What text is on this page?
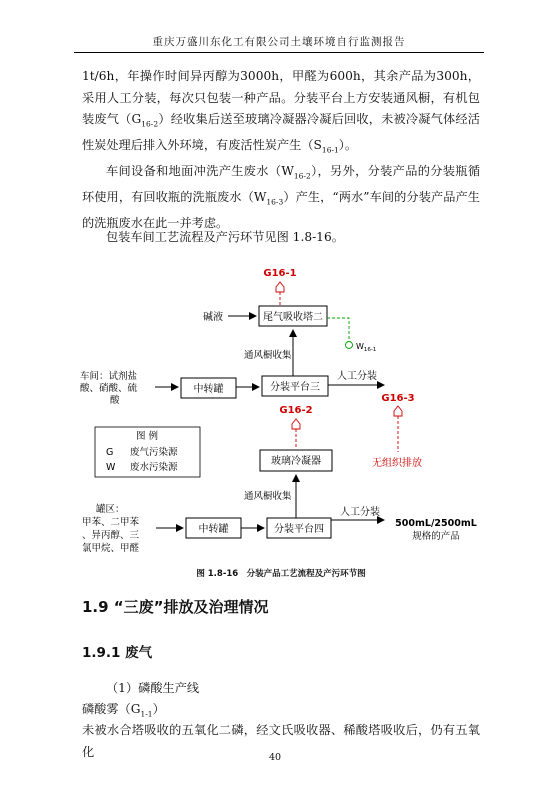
重庆万盛川东化工有限公司土壤环境自行监测报告

1t/6h，年操作时间异丙醇为3000h，甲醛为600h，其余产品为300h，采用人工分装，每次只包装一种产品。分装平台上方安装通风橱，有机包装废气$(G_{16-2})$经收集后送至玻璃冷凝器冷凝后回收，未被冷凝气体经活性炭处理后排入外环境，有废活性炭产生$(S_{16-1})$。

车间设备和地面冲洗产生废水$(W_{16-2})$，另外，分装产品的分装瓶循环使用，有回收瓶的洗瓶废水$(W_{16-3})$产生，“两水”车间的分装产品产生的洗瓶废水在此一并考虑。

包装车间工艺流程及产污环节见图 1.8-16。

G16-1
碱液	尾气吸收塔二
$W_{16-1}$
通风橱收集
车间：试剂盐
酸、硝酸、硫
酸
中转罐	分装平台三
人工分装
G16-3
G16-2
图 例
G 废气污染源
W 废水污染源
玻璃冷凝器	无组织排放
通风橱收集
罐区：
甲苯、二甲苯
、异丙醇、三
氯甲烷、甲醛
中转罐	分装平台四
人工分装
500mL/2500mL
规格的产品
图 1.8-16　分装产品工艺流程及产污环节图
1.9 “三废”排放及治理情况
1.9.1 废气

（1）磷酸生产线

磷酸雾$(G_{1-1})$

未被水合塔吸收的五氧化二磷，经文氏吸收器、稀酸塔吸收后，仍有五氧化	40
